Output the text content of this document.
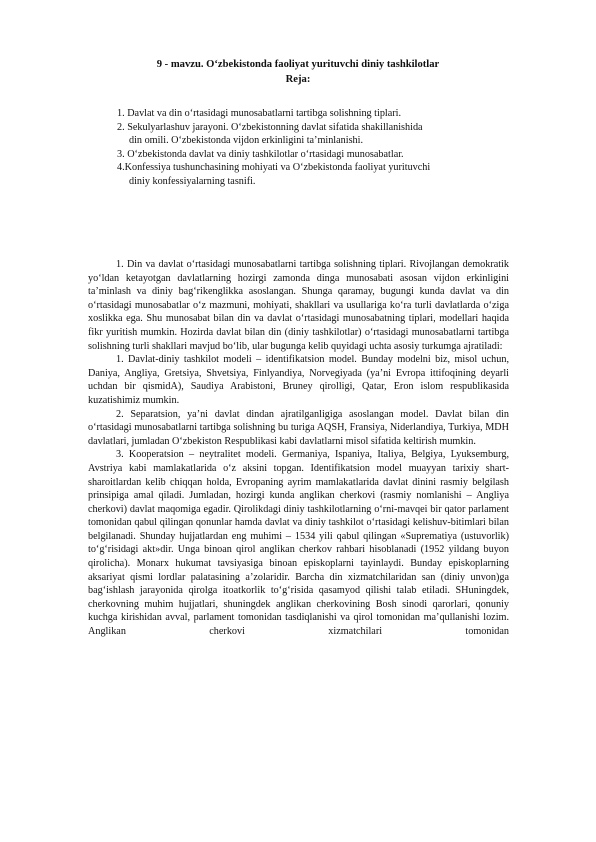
9 - mavzu. O‘zbekistonda faoliyat yurituvchi diniy tashkilotlar
Reja:
1. Davlat va din o‘rtasidagi munosabatlarni tartibga solishning tiplari.
2. Sekulyarlashuv jarayoni. O‘zbekistonning davlat sifatida shakillanishida
din omili. O‘zbekistonda vijdon erkinligini ta’minlanishi.
3. O‘zbekistonda davlat va diniy tashkilotlar o‘rtasidagi munosabatlar.
4.Konfessiya tushunchasining mohiyati va O‘zbekistonda faoliyat yurituvchi
diniy konfessiyalarning tasnifi.

1. Din va davlat o‘rtasidagi munosabatlarni tartibga solishning tiplari. Rivojlangan demokratik yo‘ldan ketayotgan davlatlarning hozirgi zamonda dinga munosabati asosan vijdon erkinligini ta’minlash va diniy bag‘rikenglikka asoslangan. Shunga qaramay, bugungi kunda davlat va din o‘rtasidagi munosabatlar o‘z mazmuni, mohiyati, shakllari va usullariga ko‘ra turli davlatlarda o‘ziga xoslikka ega. Shu munosabat bilan din va davlat o‘rtasidagi munosabatning tiplari, modellari haqida fikr yuritish mumkin. Hozirda davlat bilan din (diniy tashkilotlar) o‘rtasidagi munosabatlarni tartibga solishning turli shakllari mavjud bo‘lib, ular bugunga kelib quyidagi uchta asosiy turkumga ajratiladi:

1. Davlat-diniy tashkilot modeli – identifikatsion model. Bunday modelni biz, misol uchun, Daniya, Angliya, Gretsiya, Shvetsiya, Finlyandiya, Norvegiyada (ya’ni Evropa ittifoqining deyarli uchdan bir qismidA), Saudiya Arabistoni, Bruney qirolligi, Qatar, Eron islom respublikasida kuzatishimiz mumkin.

2. Separatsion, ya’ni davlat dindan ajratilganligiga asoslangan model. Davlat bilan din o‘rtasidagi munosabatlarni tartibga solishning bu turiga AQSH, Fransiya, Niderlandiya, Turkiya, MDH davlatlari, jumladan O‘zbekiston Respublikasi kabi davlatlarni misol sifatida keltirish mumkin.

3. Kooperatsion – neytralitet modeli. Germaniya, Ispaniya, Italiya, Belgiya, Lyuksemburg, Avstriya kabi mamlakatlarida o‘z aksini topgan. Identifikatsion model muayyan tarixiy shart-sharoitlardan kelib chiqqan holda, Evropaning ayrim mamlakatlarida davlat dinini rasmiy belgilash prinsipiga amal qiladi. Jumladan, hozirgi kunda anglikan cherkovi (rasmiy nomlanishi – Angliya cherkovi) davlat maqomiga egadir. Qirolikdagi diniy tashkilotlarning o‘rni-mavqei bir qator parlament tomonidan qabul qilingan qonunlar hamda davlat va diniy tashkilot o‘rtasidagi kelishuv-bitimlari bilan belgilanadi. Shunday hujjatlardan eng muhimi – 1534 yili qabul qilingan «Suprematiya (ustuvorlik) to‘g‘risidagi akt»dir. Unga binoan qirol anglikan cherkov rahbari hisoblanadi (1952 yildang buyon qirolicha). Monarx hukumat tavsiyasiga binoan episkoplarni tayinlaydi. Bunday episkoplarning aksariyat qismi lordlar palatasining a’zolaridir. Barcha din xizmatchilaridan san (diniy unvon)ga bag‘ishlash jarayonida qirolga itoatkorlik to‘g‘risida qasamyod qilishi talab etiladi. SHuningdek, cherkovning muhim hujjatlari, shuningdek anglikan cherkovining Bosh sinodi qarorlari, qonuniy kuchga kirishidan avval, parlament tomonidan tasdiqlanishi va qirol tomonidan ma’qullanishi lozim. Anglikan cherkovi xizmatchilari tomonidan
